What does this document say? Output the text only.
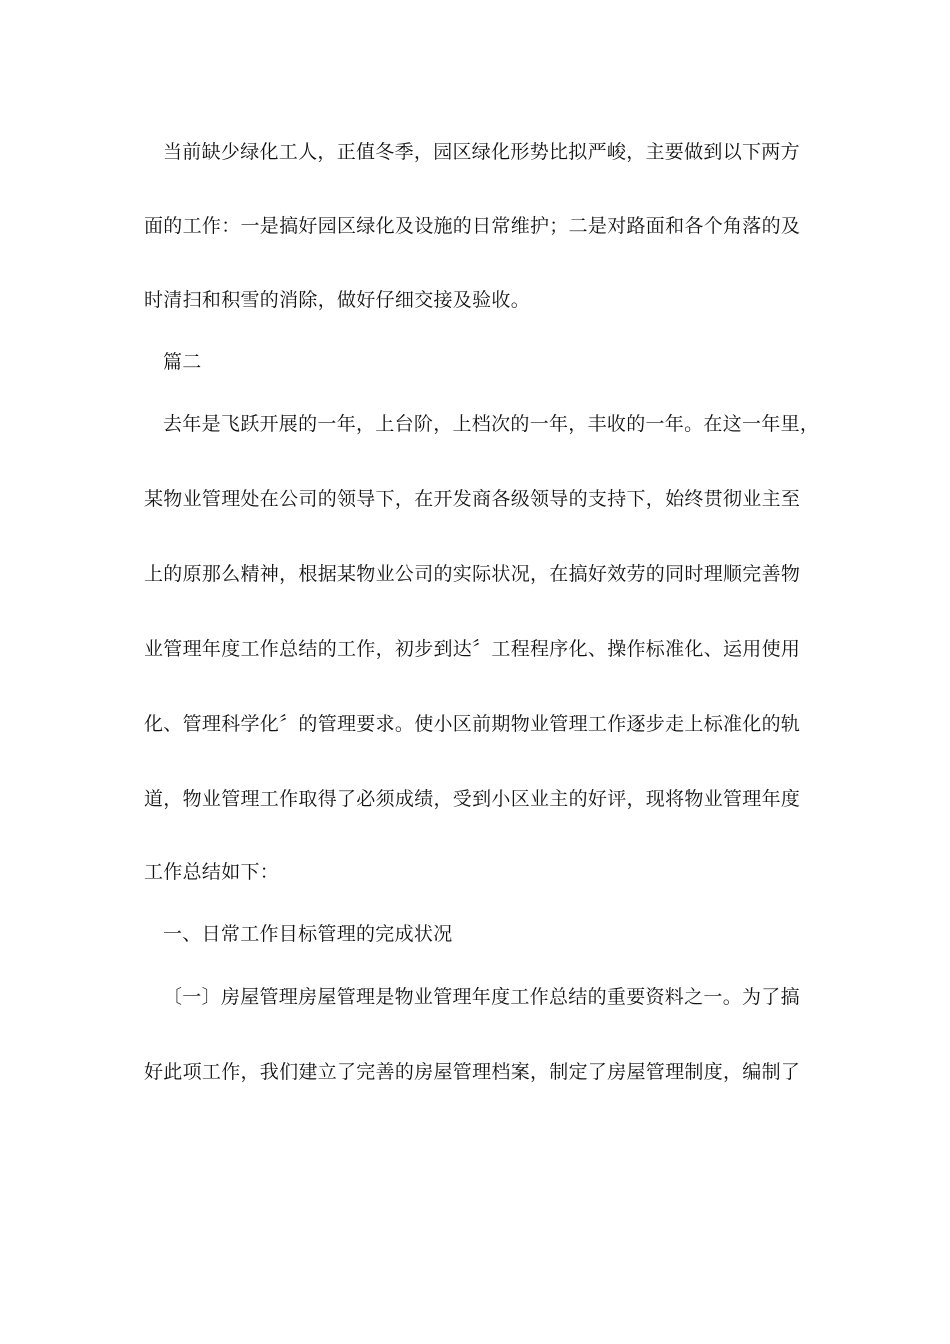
当前缺少绿化工人，正值冬季，园区绿化形势比拟严峻，主要做到以下两方
面的工作：一是搞好园区绿化及设施的日常维护；二是对路面和各个角落的及
时清扫和积雪的消除，做好仔细交接及验收。
篇二
去年是飞跃开展的一年，上台阶，上档次的一年，丰收的一年。在这一年里，
某物业管理处在公司的领导下，在开发商各级领导的支持下，始终贯彻业主至
上的原那么精神，根据某物业公司的实际状况，在搞好效劳的同时理顺完善物
业管理年度工作总结的工作，初步到达〞工程程序化、操作标准化、运用使用
化、管理科学化〞的管理要求。使小区前期物业管理工作逐步走上标准化的轨
道，物业管理工作取得了必须成绩，受到小区业主的好评，现将物业管理年度
工作总结如下：
一、日常工作目标管理的完成状况
〔一〕房屋管理房屋管理是物业管理年度工作总结的重要资料之一。为了搞
好此项工作，我们建立了完善的房屋管理档案，制定了房屋管理制度，编制了
